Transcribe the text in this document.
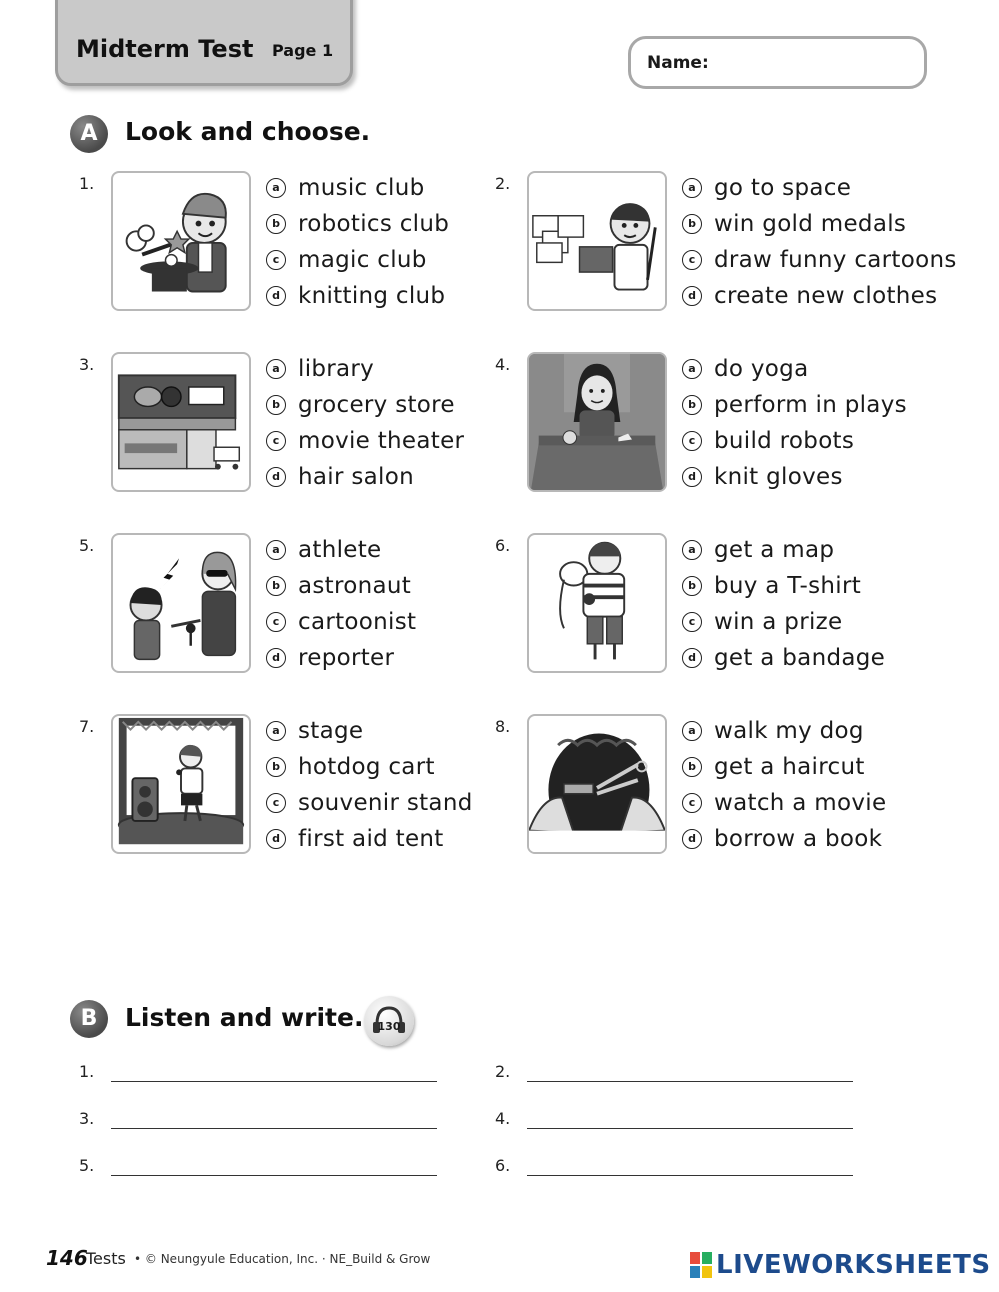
Midterm Test Page 1
Name:
A	Look and choose.
1.	a music club
b robotics club
c magic club
d knitting club
2.	a go to space
b win gold medals
c draw funny cartoons
d create new clothes
3.	a library
b grocery store
c movie theater
d hair salon
4.	a do yoga
b perform in plays
c build robots
d knit gloves
5.	a athlete
b astronaut
c cartoonist
d reporter
6.	a get a map
b buy a T-shirt
c win a prize
d get a bandage
7.	a stage
b hotdog cart
c souvenir stand
d first aid tent
8.	a walk my dog
b get a haircut
c watch a movie
d borrow a book
B	Listen and write.	130
1.	2.
3.	4.
5.	6.
146
Tests • © Neungyule Education, Inc. · NE_Build & Grow	LIVEWORKSHEETS
